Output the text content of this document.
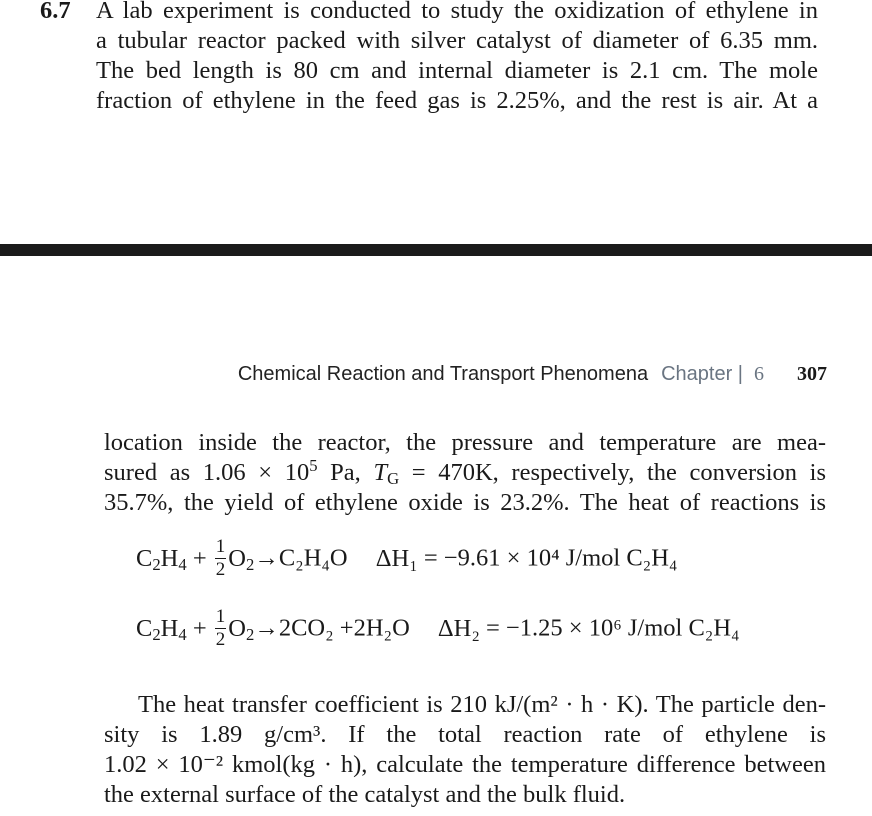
6.7 A lab experiment is conducted to study the oxidization of ethylene in
a tubular reactor packed with silver catalyst of diameter of 6.35 mm.
The bed length is 80 cm and internal diameter is 2.1 cm. The mole
fraction of ethylene in the feed gas is 2.25%, and the rest is air. At a
Chemical Reaction and Transport Phenomena Chapter | 6 307
location inside the reactor, the pressure and temperature are mea-
sured as $1.06 \times 10^5$ Pa, $T_G = 470K$, respectively, the conversion is
35.7%, the yield of ethylene oxide is 23.2%. The heat of reactions is
$C_2H_4 + \frac{1}{2} O_2\to C_2H_4O$ ΔH₁ = −9.61 × 10⁴ J/mol C₂H₄
$C_2H_4 + \frac{1}{2} O_2\to 2CO_2 +2H_2O$ ΔH₂ = −1.25 × 10⁶ J/mol C₂H₄
The heat transfer coefficient is 210 kJ/(m² · h · K). The particle den-
sity is 1.89 g/cm³. If the total reaction rate of ethylene is
1.02 × 10⁻² kmol(kg · h), calculate the temperature difference between
the external surface of the catalyst and the bulk fluid.
